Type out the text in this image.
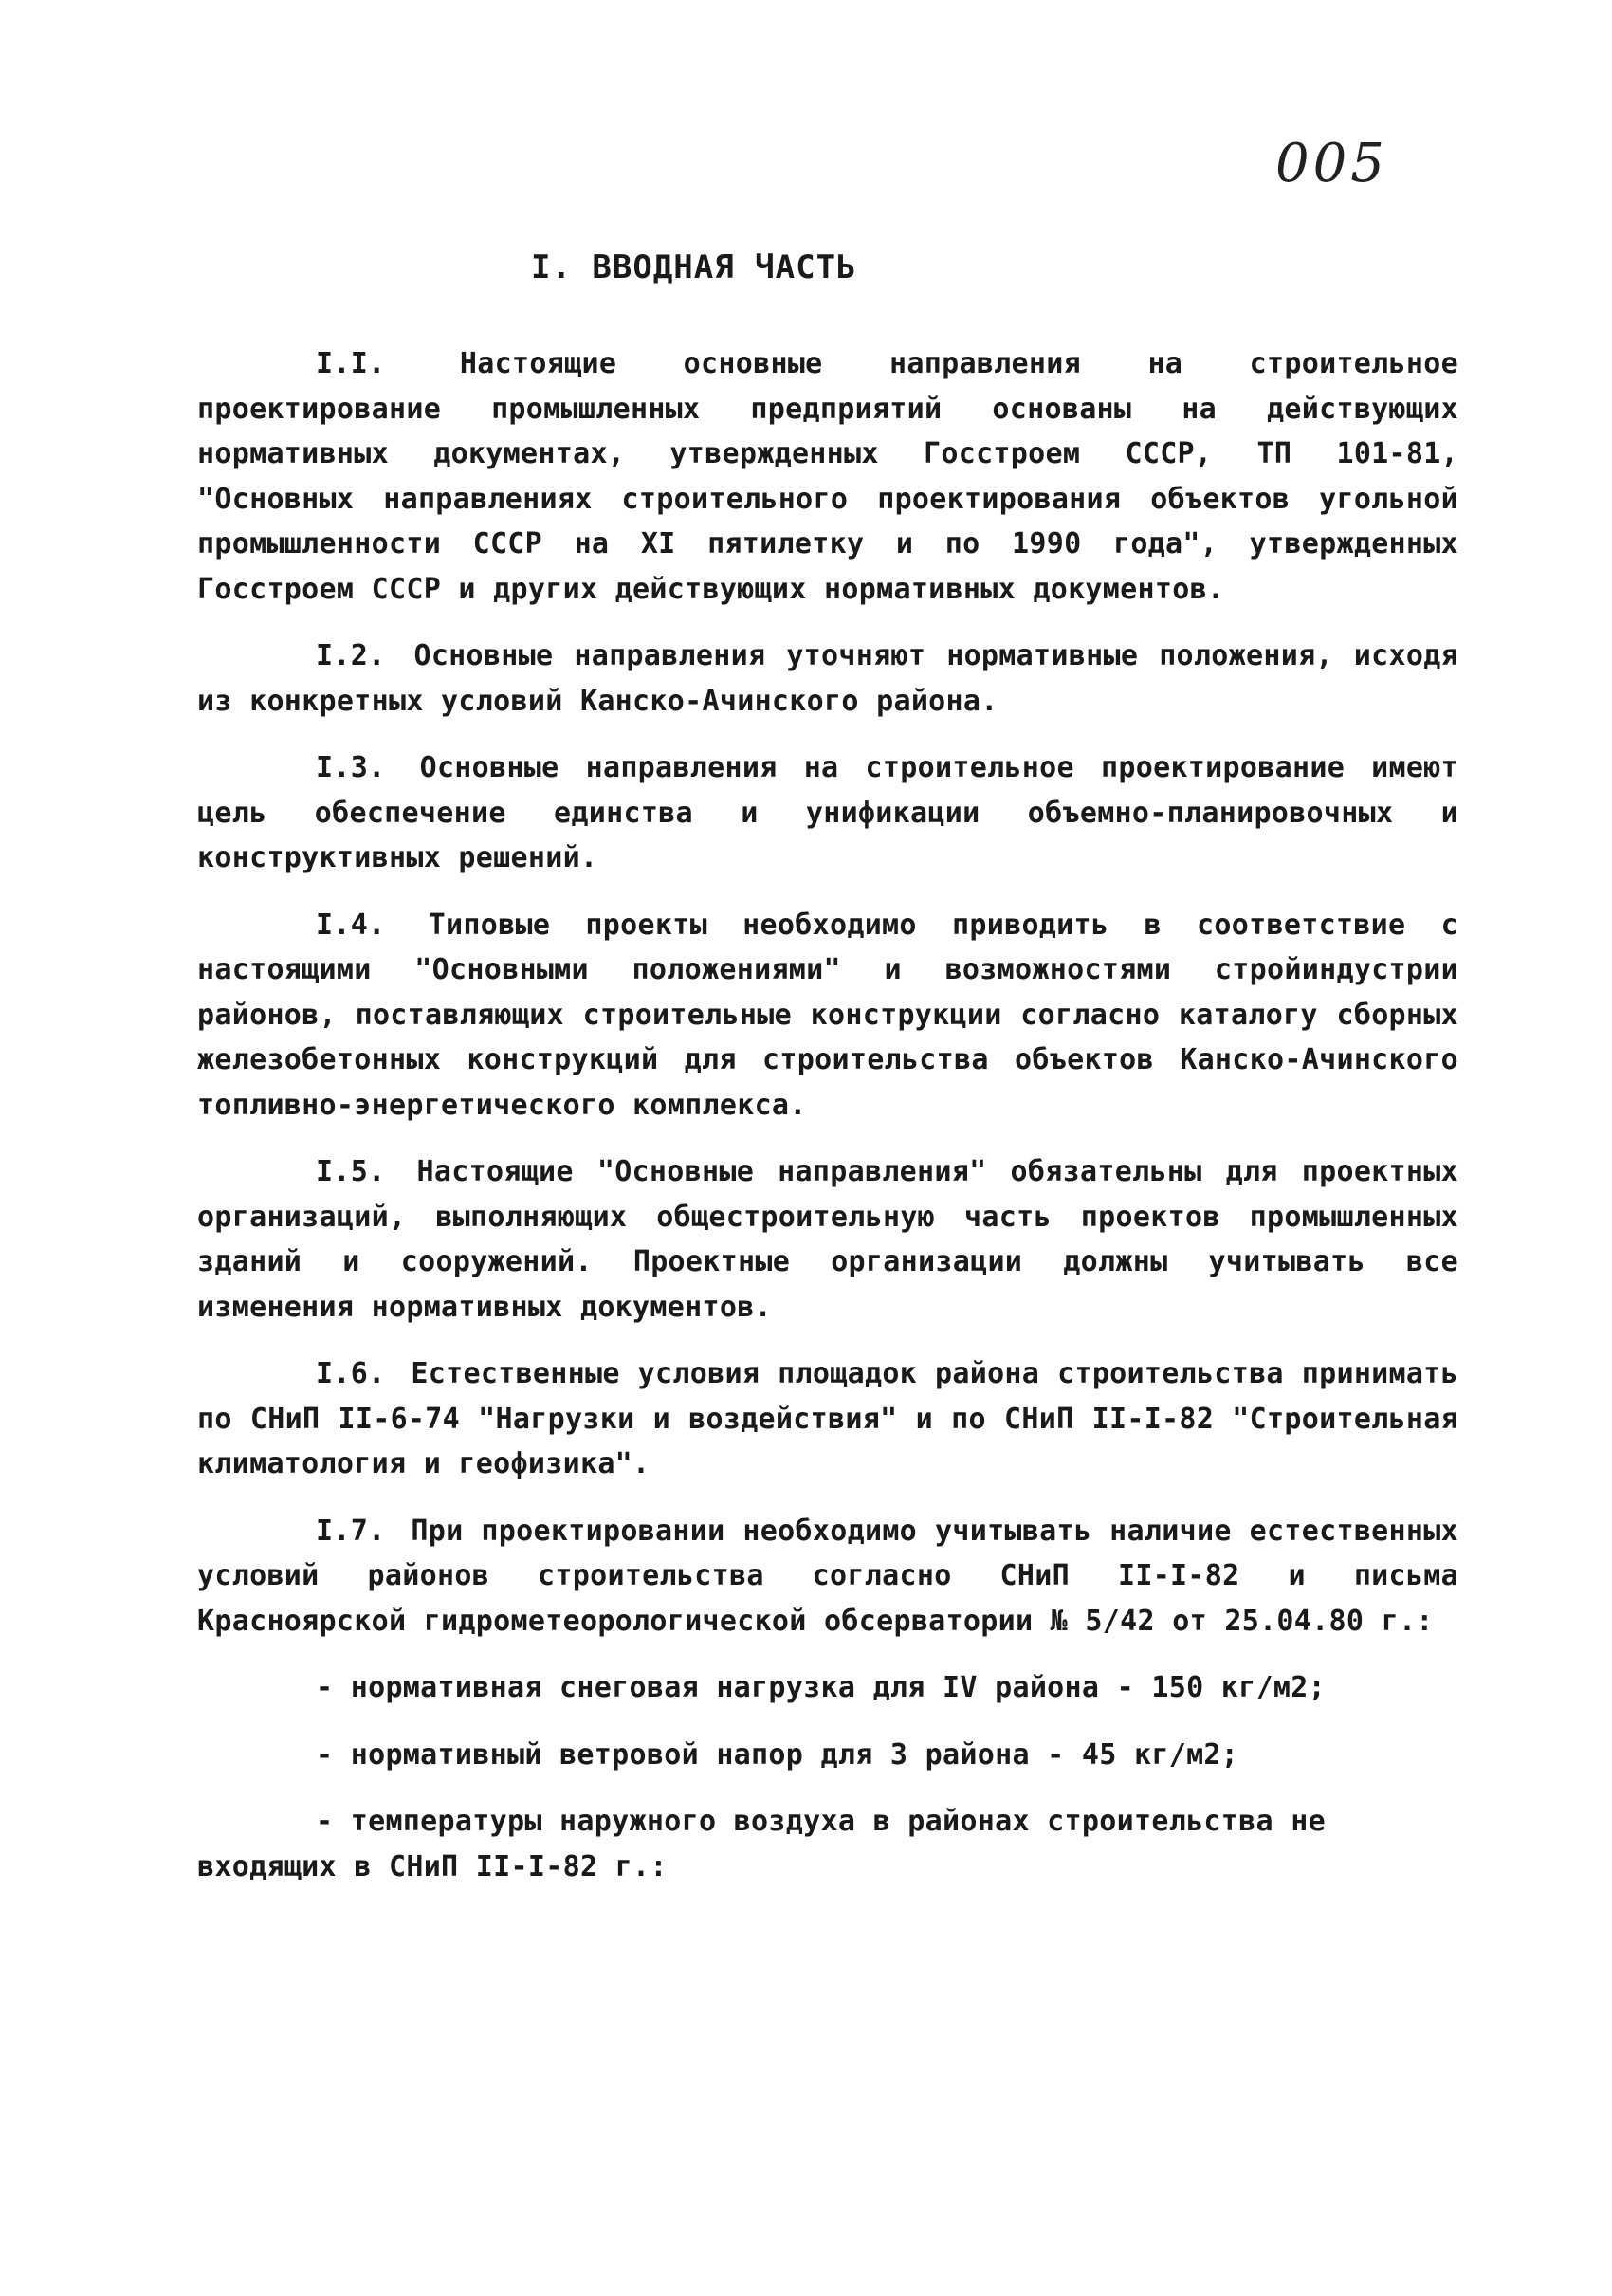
005
I. ВВОДНАЯ ЧАСТЬ

I.I.	Настоящие основные направления на строительное проектирование промышленных предприятий основаны на действующих нормативных документах, утвержденных Госстроем СССР, ТП 101-81, "Основных направлениях строительного проектирования объектов угольной промышленности СССР на XI пятилетку и по 1990 года", утвержденных Госстроем СССР и других действующих нормативных документов.

I.2. Основные направления уточняют нормативные положения, исходя из конкретных условий Канско-Ачинского района.

I.3. Основные направления на строительное проектирование имеют цель обеспечение единства и унификации объемно-планировочных и конструктивных решений.

I.4. Типовые проекты необходимо приводить в соответствие с настоящими "Основными положениями" и возможностями стройиндустрии районов, поставляющих строительные конструкции согласно каталогу сборных железобетонных конструкций для строительства объектов Канско-Ачинского топливно-энергетического комплекса.

I.5. Настоящие "Основные направления" обязательны для проектных организаций, выполняющих общестроительную часть проектов промышленных зданий и сооружений. Проектные организации должны учитывать все изменения нормативных документов.

I.6. Естественные условия площадок района строительства принимать по СНиП II-6-74 "Нагрузки и воздействия" и по СНиП II-I-82 "Строительная климатология и геофизика".

I.7. При проектировании необходимо учитывать наличие естественных условий районов строительства согласно СНиП II-I-82 и письма Красноярской гидрометеорологической обсерватории № 5/42 от 25.04.80 г.:

- нормативная снеговая нагрузка для IV района - 150 кг/м2;

- нормативный ветровой напор для 3 района - 45 кг/м2;

- температуры наружного воздуха в районах строительства не входящих в СНиП II-I-82 г.:
